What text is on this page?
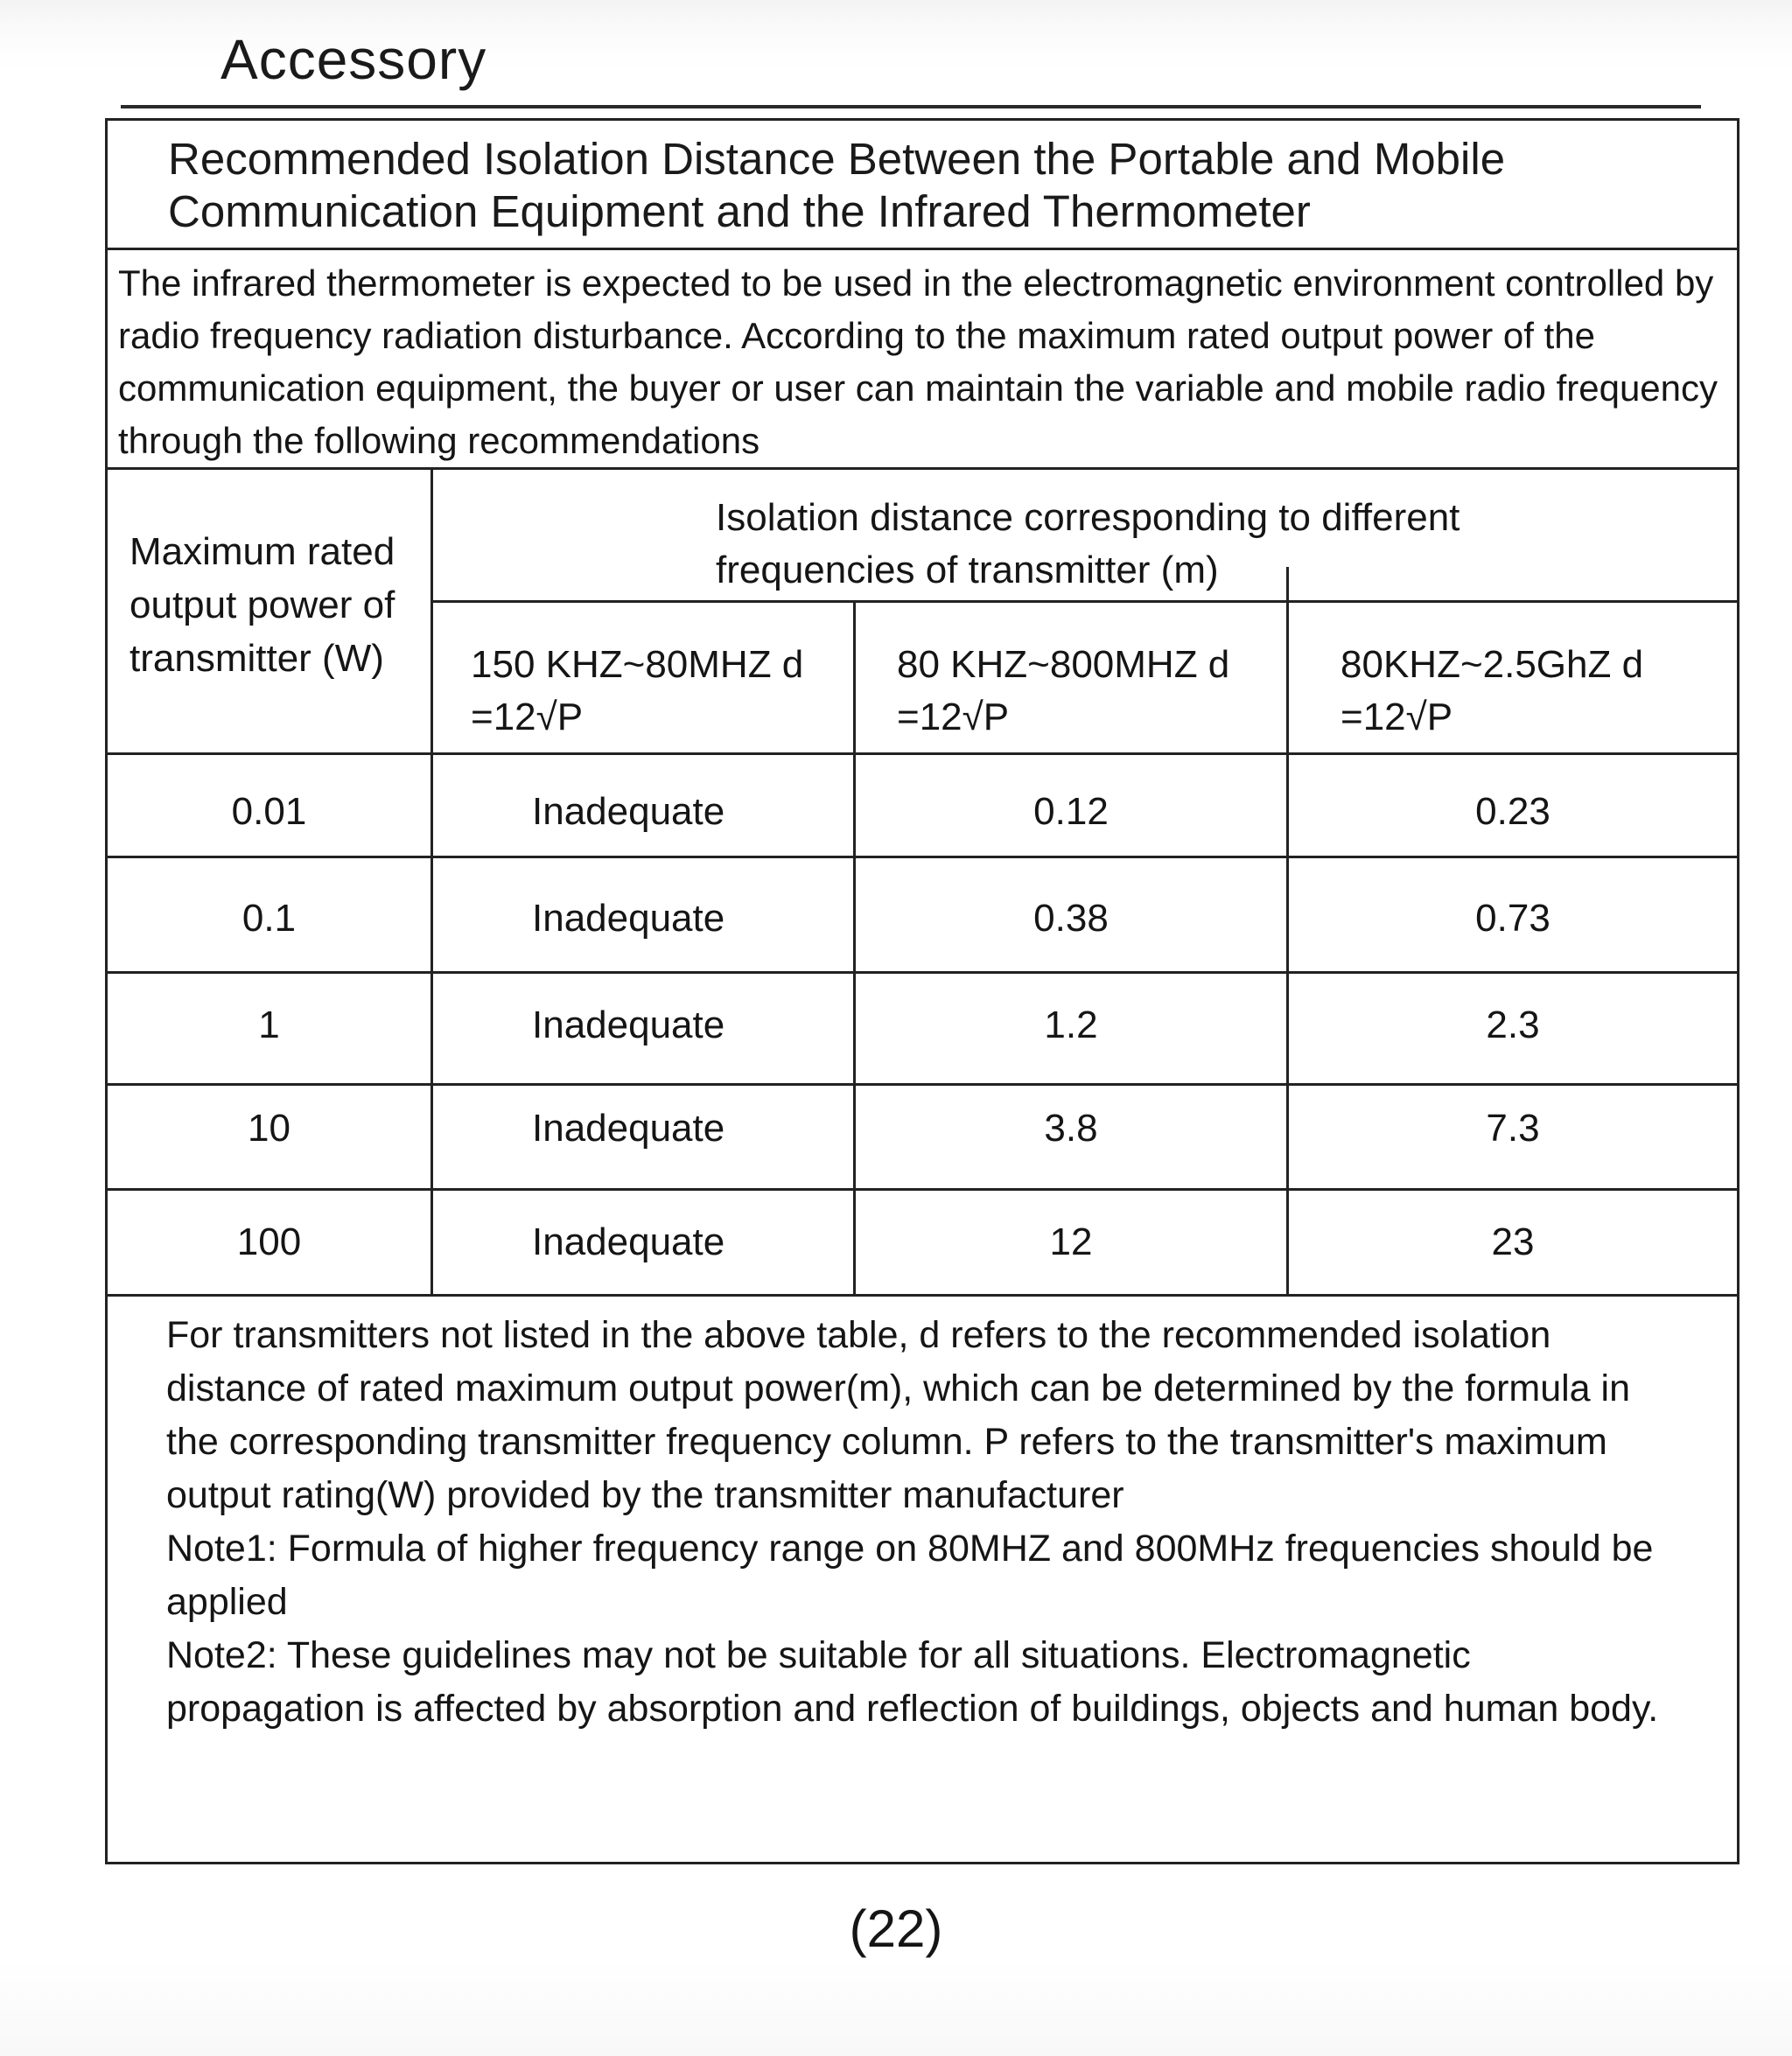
Accessory
Recommended Isolation Distance Between the Portable and Mobile Communication Equipment and the Infrared Thermometer
The infrared thermometer is expected to be used in the electromagnetic environment controlled by radio frequency radiation disturbance. According to the maximum rated output power of the communication equipment, the buyer or user can maintain the variable and mobile radio frequency through the following recommendations
Maximum rated output power of transmitter (W)
Isolation distance corresponding to different frequencies of transmitter (m)
150 KHZ~80MHZ d =12√P
80 KHZ~800MHZ d =12√P
80KHZ~2.5GhZ d =12√P
0.01	Inadequate	0.12	0.23
0.1	Inadequate	0.38	0.73
1	Inadequate	1.2	2.3
10	Inadequate	3.8	7.3
100	Inadequate	12	23

For transmitters not listed in the above table, d refers to the recommended isolation distance of rated maximum output power(m), which can be determined by the formula in the corresponding transmitter frequency column. P refers to the transmitter's maximum output rating(W) provided by the transmitter manufacturer

Note1: Formula of higher frequency range on 80MHZ and 800MHz frequencies should be applied

Note2: These guidelines may not be suitable for all situations. Electromagnetic propagation is affected by absorption and reflection of buildings, objects and human body.

(22)
